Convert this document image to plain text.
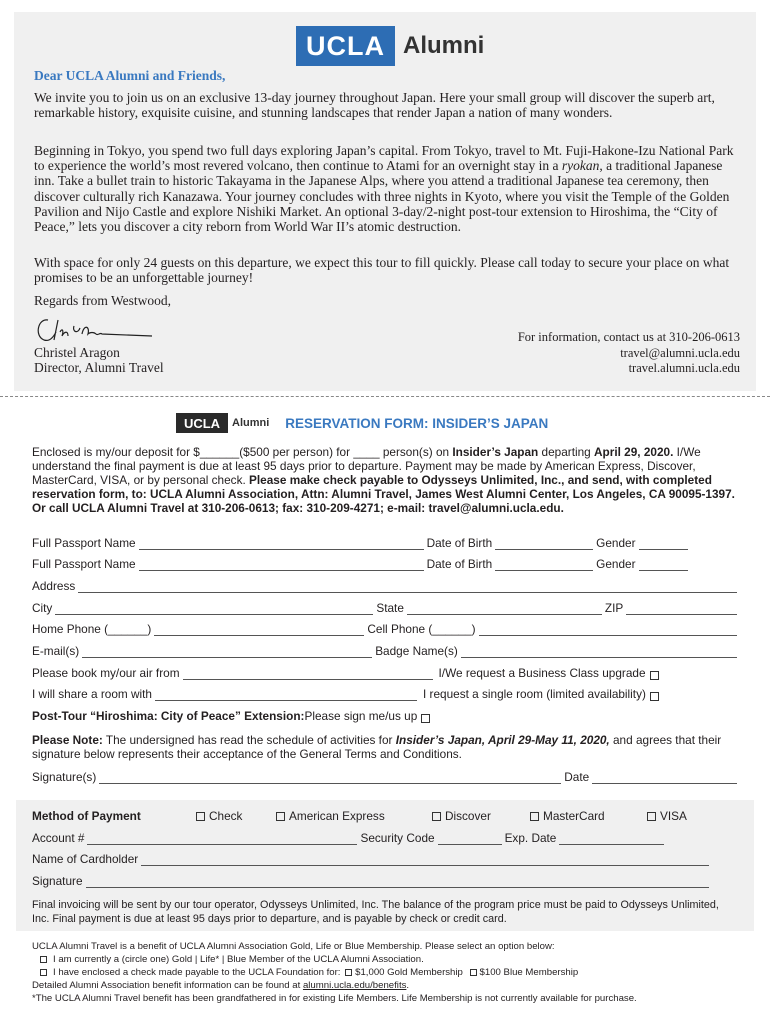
UCLA Alumni
Dear UCLA Alumni and Friends,
We invite you to join us on an exclusive 13-day journey throughout Japan. Here your small group will discover the superb art, remarkable history, exquisite cuisine, and stunning landscapes that render Japan a nation of many wonders.
Beginning in Tokyo, you spend two full days exploring Japan’s capital. From Tokyo, travel to Mt. Fuji-Hakone-Izu National Park to experience the world’s most revered volcano, then continue to Atami for an overnight stay in a ryokan, a traditional Japanese inn. Take a bullet train to historic Takayama in the Japanese Alps, where you attend a traditional Japanese tea ceremony, then discover culturally rich Kanazawa. Your journey concludes with three nights in Kyoto, where you visit the Temple of the Golden Pavilion and Nijo Castle and explore Nishiki Market. An optional 3-day/2-night post-tour extension to Hiroshima, the “City of Peace,” lets you discover a city reborn from World War II’s atomic destruction.
With space for only 24 guests on this departure, we expect this tour to fill quickly. Please call today to secure your place on what promises to be an unforgettable journey!
Regards from Westwood,
Christel Aragon
Director, Alumni Travel
For information, contact us at 310-206-0613
travel@alumni.ucla.edu
travel.alumni.ucla.edu
UCLA	Alumni RESERVATION FORM: INSIDER’S JAPAN
Enclosed is my/our deposit for $______($500 per person) for ____ person(s) on Insider’s Japan departing April 29, 2020. I/We understand the final payment is due at least 95 days prior to departure. Payment may be made by American Express, Discover, MasterCard, VISA, or by personal check. Please make check payable to Odysseys Unlimited, Inc., and send, with completed reservation form, to: UCLA Alumni Association, Attn: Alumni Travel, James West Alumni Center, Los Angeles, CA 90095-1397. Or call UCLA Alumni Travel at 310-206-0613; fax: 310-209-4271; e-mail: travel@alumni.ucla.edu.
Full Passport Name	Date of Birth	Gender
Full Passport Name	Date of Birth	Gender
Address
City	State	ZIP
Home Phone (______)	Cell Phone (______)
E-mail(s)	Badge Name(s)
Please book my/our air from	I/We request a Business Class upgrade
I will share a room with	I request a single room (limited availability)
Post-Tour “Hiroshima: City of Peace” Extension: Please sign me/us up
Please Note: The undersigned has read the schedule of activities for Insider’s Japan, April 29-May 11, 2020, and agrees that their signature below represents their acceptance of the General Terms and Conditions.
Signature(s)	Date
Method of Payment	Check	American Express	Discover	MasterCard	VISA
Account #	Security Code	Exp. Date
Name of Cardholder
Signature
Final invoicing will be sent by our tour operator, Odysseys Unlimited, Inc. The balance of the program price must be paid to Odysseys Unlimited, Inc. Final payment is due at least 95 days prior to departure, and is payable by check or credit card.
UCLA Alumni Travel is a benefit of UCLA Alumni Association Gold, Life or Blue Membership. Please select an option below:
I am currently a (circle one) Gold | Life* | Blue Member of the UCLA Alumni Association.
I have enclosed a check made payable to the UCLA Foundation for: $1,000 Gold Membership $100 Blue Membership
Detailed Alumni Association benefit information can be found at alumni.ucla.edu/benefits.
*The UCLA Alumni Travel benefit has been grandfathered in for existing Life Members. Life Membership is not currently available for purchase.
